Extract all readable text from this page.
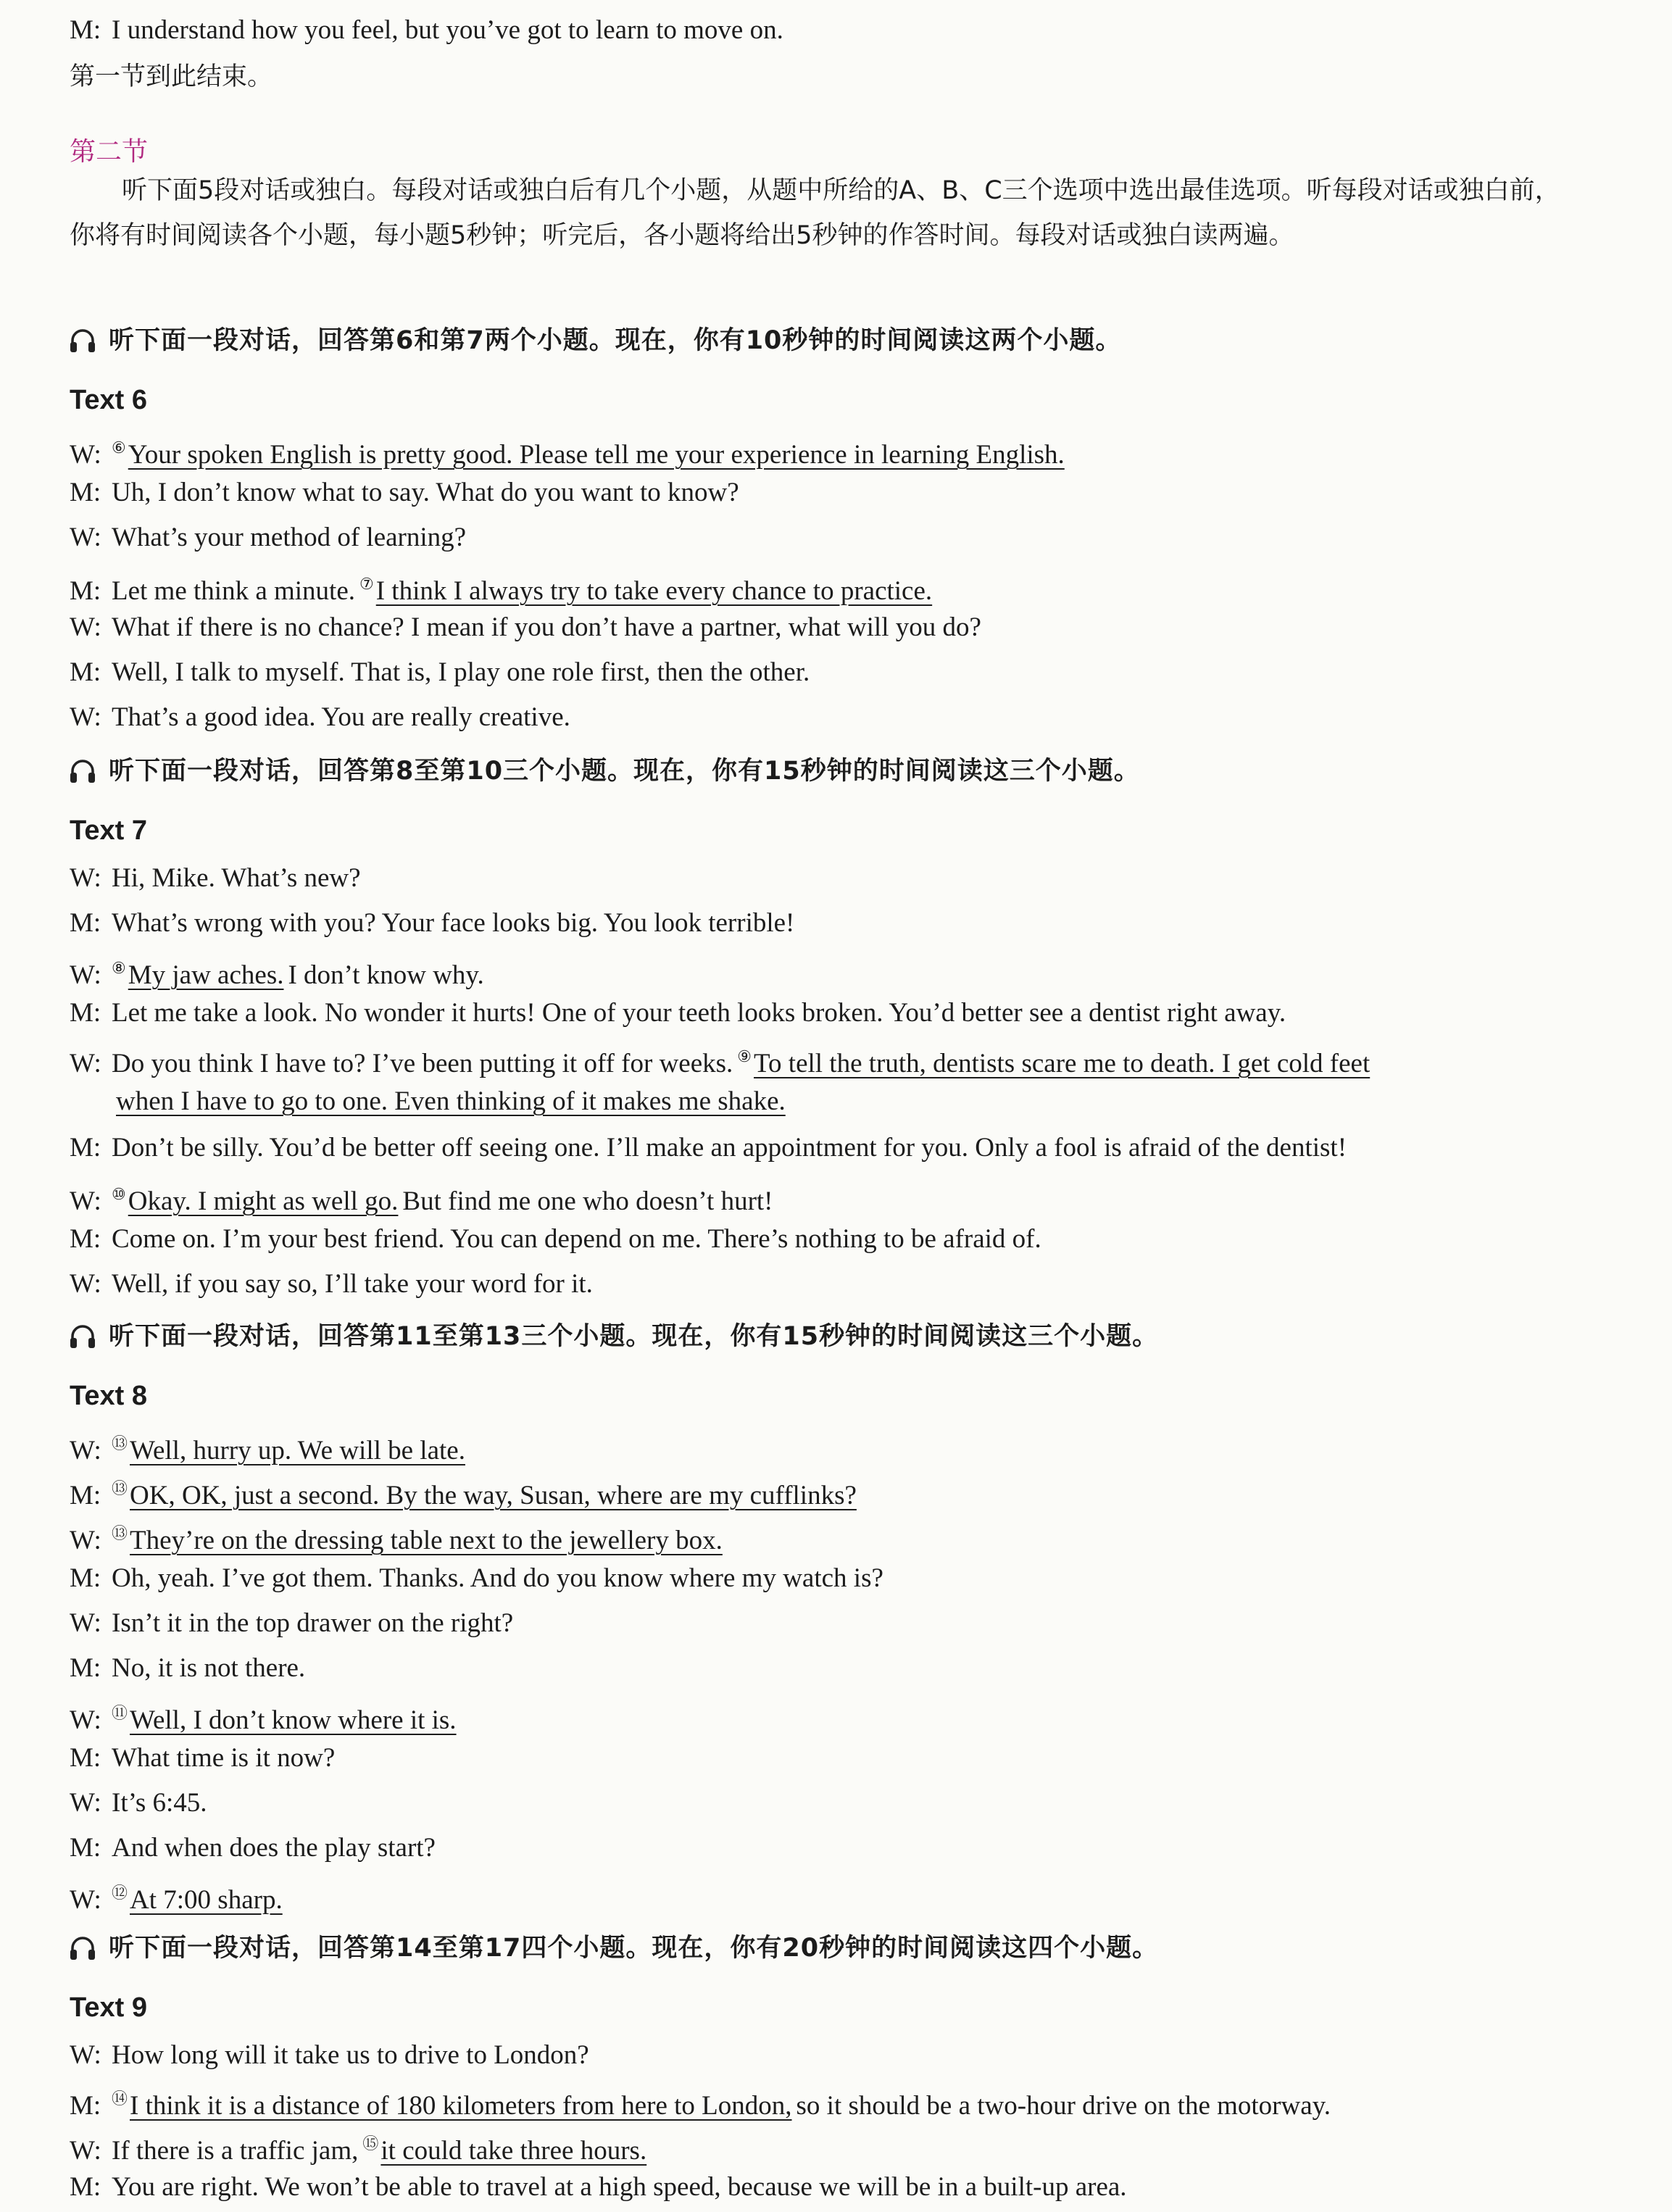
M: I understand how you feel, but you’ve got to learn to move on.
第一节到此结束。
第二节
听下面5段对话或独白。每段对话或独白后有几个小题，从题中所给的A、B、C三个选项中选出最佳选项。听每段对话或独白前，你将有时间阅读各个小题，每小题5秒钟；听完后，各小题将给出5秒钟的作答时间。每段对话或独白读两遍。
听下面一段对话，回答第6和第7两个小题。现在，你有10秒钟的时间阅读这两个小题。
Text 6
W: ⑥Your spoken English is pretty good. Please tell me your experience in learning English.
M: Uh, I don’t know what to say. What do you want to know?
W: What’s your method of learning?
M: Let me think a minute. ⑦I think I always try to take every chance to practice.
W: What if there is no chance? I mean if you don’t have a partner, what will you do?
M: Well, I talk to myself. That is, I play one role first, then the other.
W: That’s a good idea. You are really creative.
听下面一段对话，回答第8至第10三个小题。现在，你有15秒钟的时间阅读这三个小题。
Text 7
W: Hi, Mike. What’s new?
M: What’s wrong with you? Your face looks big. You look terrible!
W: ⑧My jaw aches. I don’t know why.
M: Let me take a look. No wonder it hurts! One of your teeth looks broken. You’d better see a dentist right away.
W: Do you think I have to? I’ve been putting it off for weeks. ⑨To tell the truth, dentists scare me to death. I get cold feet
when I have to go to one. Even thinking of it makes me shake.
M: Don’t be silly. You’d be better off seeing one. I’ll make an appointment for you. Only a fool is afraid of the dentist!
W: ⑩Okay. I might as well go. But find me one who doesn’t hurt!
M: Come on. I’m your best friend. You can depend on me. There’s nothing to be afraid of.
W: Well, if you say so, I’ll take your word for it.
听下面一段对话，回答第11至第13三个小题。现在，你有15秒钟的时间阅读这三个小题。
Text 8
W: ⑬Well, hurry up. We will be late.
M: ⑬OK, OK, just a second. By the way, Susan, where are my cufflinks?
W: ⑬They’re on the dressing table next to the jewellery box.
M: Oh, yeah. I’ve got them. Thanks. And do you know where my watch is?
W: Isn’t it in the top drawer on the right?
M: No, it is not there.
W: ⑪Well, I don’t know where it is.
M: What time is it now?
W: It’s 6:45.
M: And when does the play start?
W: ⑫At 7:00 sharp.
听下面一段对话，回答第14至第17四个小题。现在，你有20秒钟的时间阅读这四个小题。
Text 9
W: How long will it take us to drive to London?
M: ⑭I think it is a distance of 180 kilometers from here to London, so it should be a two-hour drive on the motorway.
W: If there is a traffic jam, ⑮it could take three hours.
M: You are right. We won’t be able to travel at a high speed, because we will be in a built-up area.
